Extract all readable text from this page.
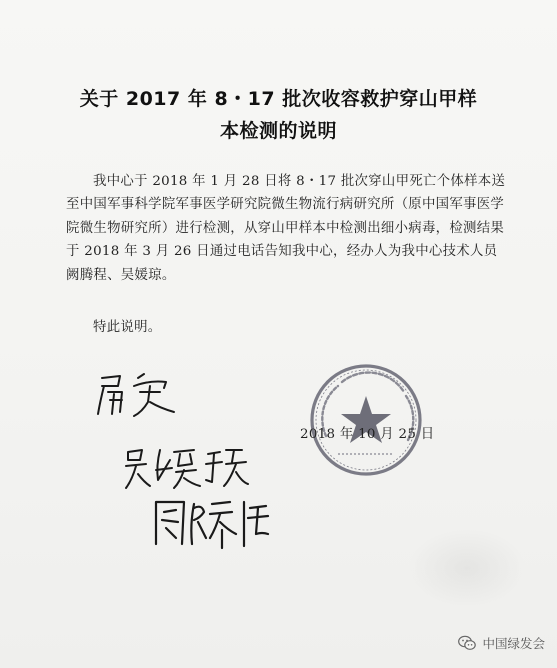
关于 2017 年 8・17 批次收容救护穿山甲样
本检测的说明
我中心于 2018 年 1 月 28 日将 8・17 批次穿山甲死亡个体样本送至中国军事科学院军事医学研究院微生物流行病研究所（原中国军事医学院微生物研究所）进行检测，从穿山甲样本中检测出细小病毒，检测结果于 2018 年 3 月 26 日通过电话告知我中心，经办人为我中心技术人员阙腾程、吴媛琼。
特此说明。
2018 年 10 月 25 日
中国绿发会
